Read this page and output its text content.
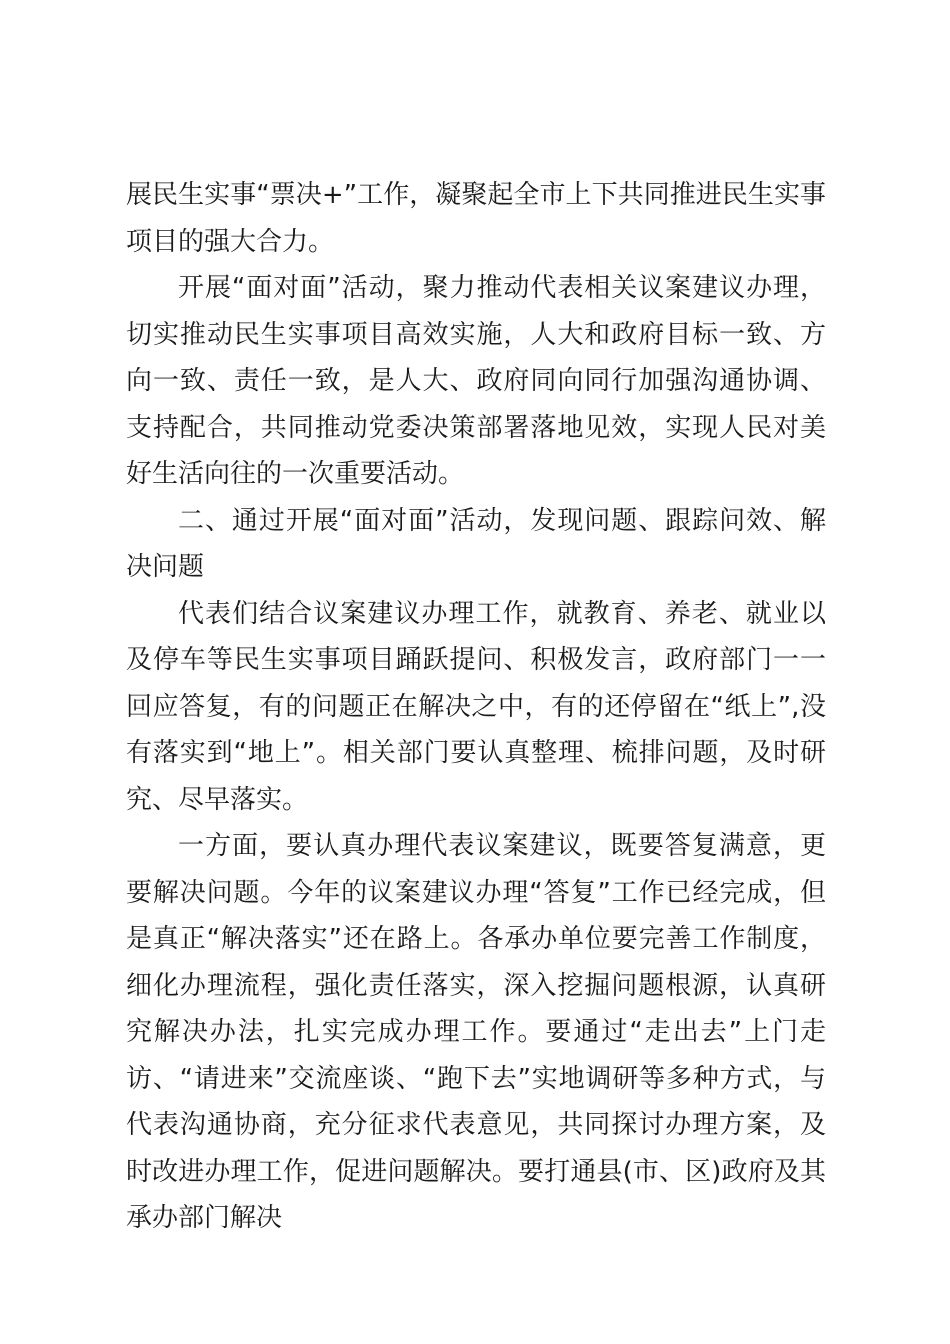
展民生实事“票决+”工作，凝聚起全市上下共同推进民生实事项目的强大合力。

开展“面对面”活动，聚力推动代表相关议案建议办理，切实推动民生实事项目高效实施，人大和政府目标一致、方向一致、责任一致，是人大、政府同向同行加强沟通协调、支持配合，共同推动党委决策部署落地见效，实现人民对美好生活向往的一次重要活动。

二、通过开展“面对面”活动，发现问题、跟踪问效、解决问题

代表们结合议案建议办理工作，就教育、养老、就业以及停车等民生实事项目踊跃提问、积极发言，政府部门一一回应答复，有的问题正在解决之中，有的还停留在“纸上”,没有落实到“地上”。相关部门要认真整理、梳排问题，及时研究、尽早落实。

一方面，要认真办理代表议案建议，既要答复满意，更要解决问题。今年的议案建议办理“答复”工作已经完成，但是真正“解决落实”还在路上。各承办单位要完善工作制度，细化办理流程，强化责任落实，深入挖掘问题根源，认真研究解决办法，扎实完成办理工作。要通过“走出去”上门走访、“请进来”交流座谈、“跑下去”实地调研等多种方式，与代表沟通协商，充分征求代表意见，共同探讨办理方案，及时改进办理工作，促进问题解决。要打通县(市、区)政府及其承办部门解决
